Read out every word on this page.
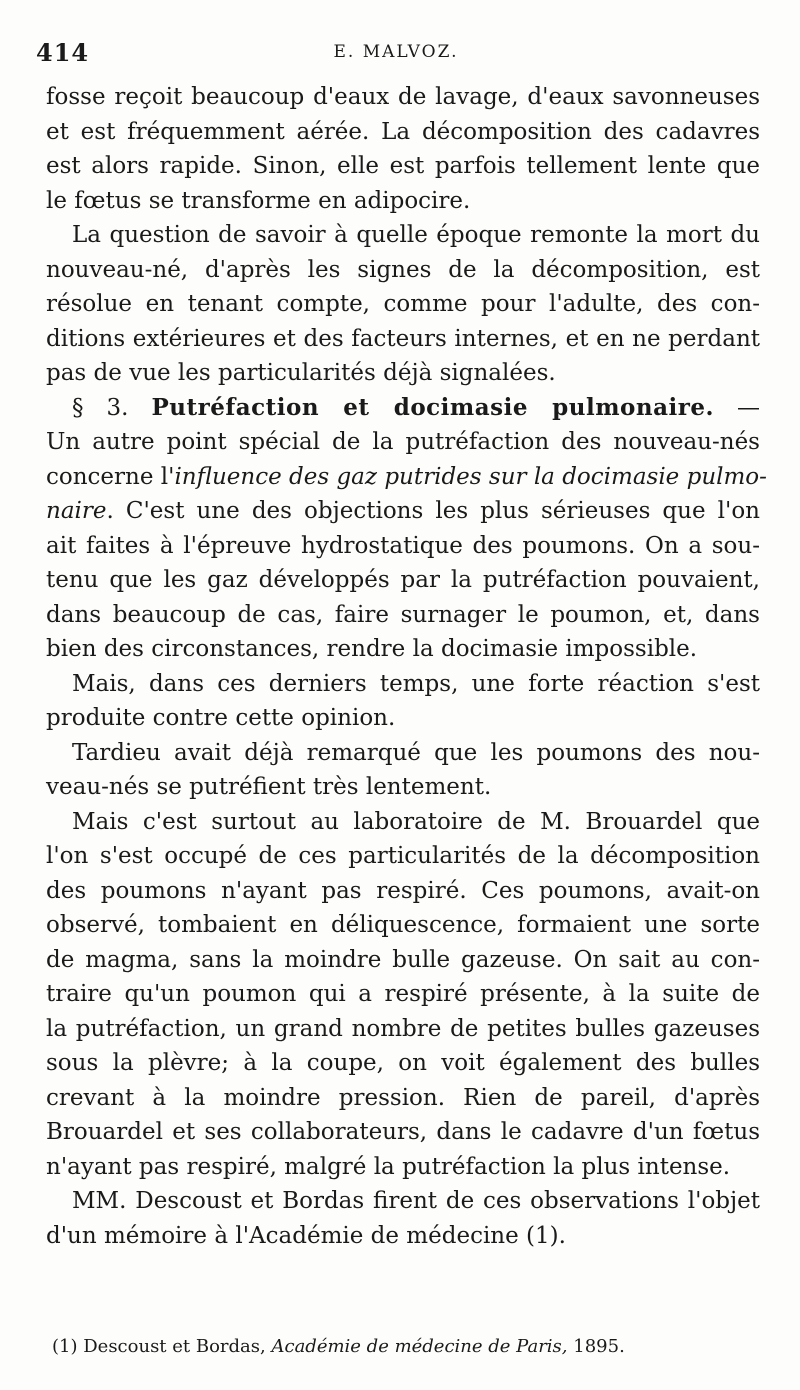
414	E. MALVOZ.
fosse reçoit beaucoup d'eaux de lavage, d'eaux savonneuses
et est fréquemment aérée. La décomposition des cadavres
est alors rapide. Sinon, elle est parfois tellement lente que
le fœtus se transforme en adipocire.
La question de savoir à quelle époque remonte la mort du
nouveau-né, d'après les signes de la décomposition, est
résolue en tenant compte, comme pour l'adulte, des con-
ditions extérieures et des facteurs internes, et en ne perdant
pas de vue les particularités déjà signalées.
§ 3. Putréfaction et docimasie pulmonaire. —
Un autre point spécial de la putréfaction des nouveau-nés
concerne l'influence des gaz putrides sur la docimasie pulmo-
naire. C'est une des objections les plus sérieuses que l'on
ait faites à l'épreuve hydrostatique des poumons. On a sou-
tenu que les gaz développés par la putréfaction pouvaient,
dans beaucoup de cas, faire surnager le poumon, et, dans
bien des circonstances, rendre la docimasie impossible.
Mais, dans ces derniers temps, une forte réaction s'est
produite contre cette opinion.
Tardieu avait déjà remarqué que les poumons des nou-
veau-nés se putréfient très lentement.
Mais c'est surtout au laboratoire de M. Brouardel que
l'on s'est occupé de ces particularités de la décomposition
des poumons n'ayant pas respiré. Ces poumons, avait-on
observé, tombaient en déliquescence, formaient une sorte
de magma, sans la moindre bulle gazeuse. On sait au con-
traire qu'un poumon qui a respiré présente, à la suite de
la putréfaction, un grand nombre de petites bulles gazeuses
sous la plèvre; à la coupe, on voit également des bulles
crevant à la moindre pression. Rien de pareil, d'après
Brouardel et ses collaborateurs, dans le cadavre d'un fœtus
n'ayant pas respiré, malgré la putréfaction la plus intense.
MM. Descoust et Bordas firent de ces observations l'objet
d'un mémoire à l'Académie de médecine (1).
(1) Descoust et Bordas, Académie de médecine de Paris, 1895.
